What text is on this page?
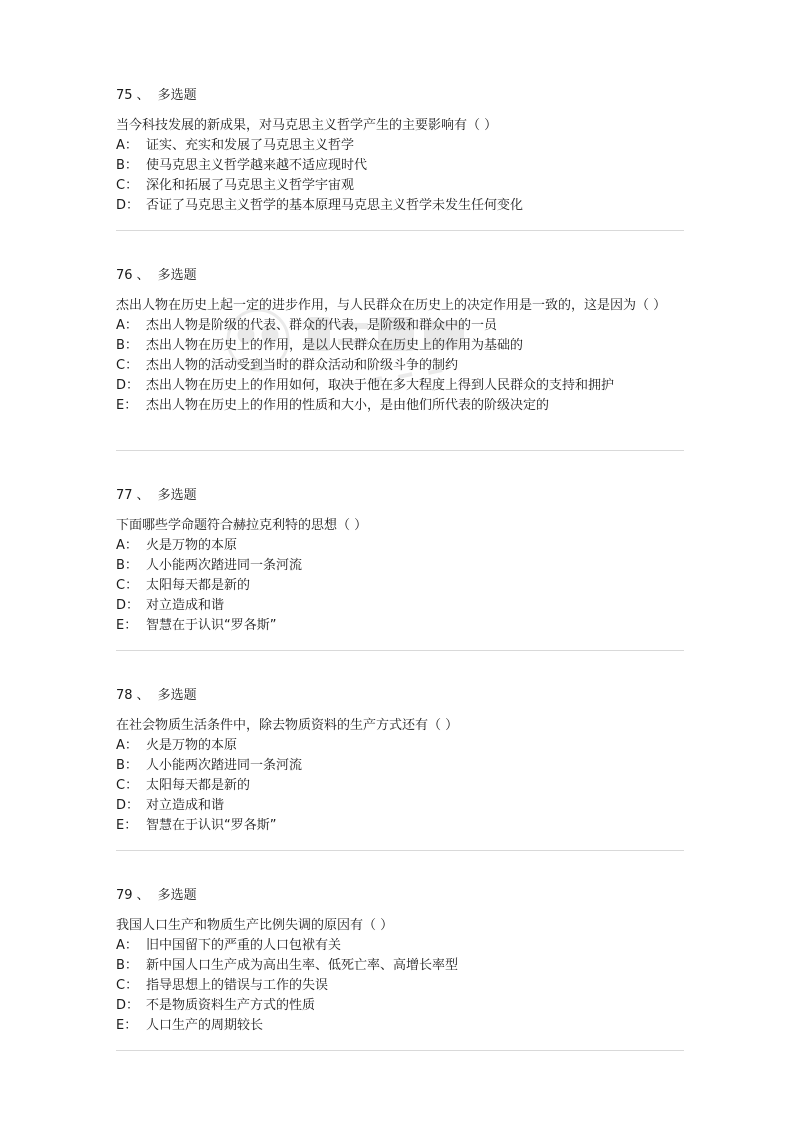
75 、 多选题
当今科技发展的新成果，对马克思主义哲学产生的主要影响有（ ）
A： 证实、充实和发展了马克思主义哲学
B： 使马克思主义哲学越来越不适应现时代
C： 深化和拓展了马克思主义哲学宇宙观
D： 否证了马克思主义哲学的基本原理马克思主义哲学未发生任何变化
76 、 多选题
杰出人物在历史上起一定的进步作用，与人民群众在历史上的决定作用是一致的，这是因为（ ）
A： 杰出人物是阶级的代表、群众的代表，是阶级和群众中的一员
B： 杰出人物在历史上的作用，是以人民群众在历史上的作用为基础的
C： 杰出人物的活动受到当时的群众活动和阶级斗争的制约
D： 杰出人物在历史上的作用如何，取决于他在多大程度上得到人民群众的支持和拥护
E： 杰出人物在历史上的作用的性质和大小，是由他们所代表的阶级决定的
77 、 多选题
下面哪些学命题符合赫拉克利特的思想（ ）
A： 火是万物的本原
B： 人小能两次踏进同一条河流
C： 太阳每天都是新的
D： 对立造成和谐
E： 智慧在于认识“罗各斯”
78 、 多选题
在社会物质生活条件中，除去物质资料的生产方式还有（ ）
A： 火是万物的本原
B： 人小能两次踏进同一条河流
C： 太阳每天都是新的
D： 对立造成和谐
E： 智慧在于认识“罗各斯”
79 、 多选题
我国人口生产和物质生产比例失调的原因有（ ）
A： 旧中国留下的严重的人口包袱有关
B： 新中国人口生产成为高出生率、低死亡率、高增长率型
C： 指导思想上的错误与工作的失误
D： 不是物质资料生产方式的性质
E： 人口生产的周期较长
